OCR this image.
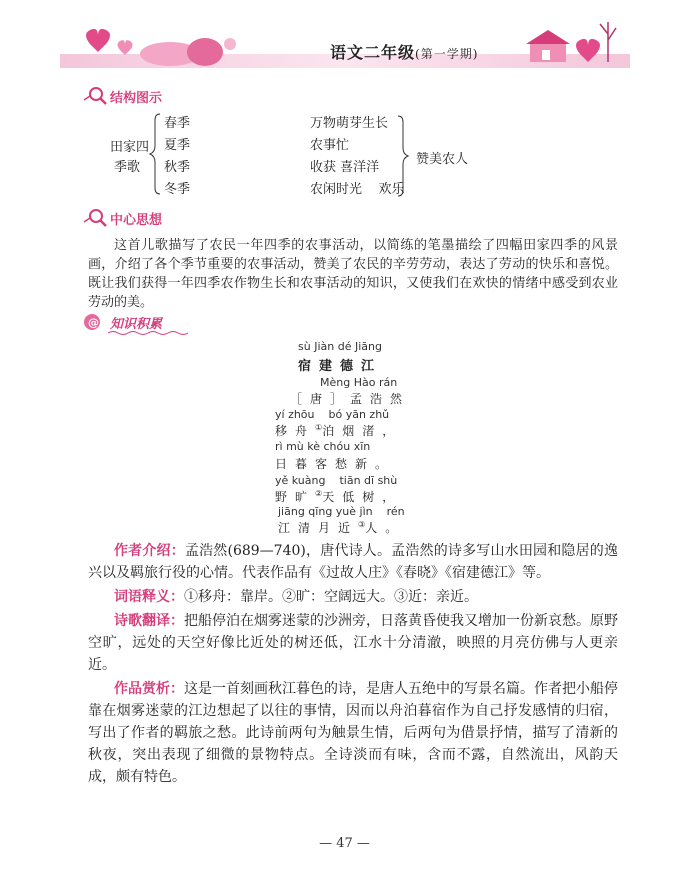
语文二年级(第一学期)
结构图示
田家四
季歌
春季
夏季
秋季
冬季
万物萌芽生长
农事忙
收获 喜洋洋
农闲时光    欢乐
赞美农人
中心思想

这首儿歌描写了农民一年四季的农事活动，以简练的笔墨描绘了四幅田家四季的风景画，介绍了各个季节重要的农事活动，赞美了农民的辛劳劳动，表达了劳动的快乐和喜悦。既让我们获得一年四季农作物生长和农事活动的知识，又使我们在欢快的情绪中感受到农业劳动的美。

@ 知识积累
sù Jiàn dé Jiāng
宿建德江
Mèng Hào rán
［唐］孟浩然
yí zhōu    bó yān zhǔ
移舟①泊烟渚，
rì mù kè chóu xīn
日暮客愁新。
yě kuàng    tiān dī shù
野旷②天低树，
jiāng qīng yuè jìn    rén
江清月近③人。

作者介绍：孟浩然(689—740)，唐代诗人。孟浩然的诗多写山水田园和隐居的逸兴以及羁旅行役的心情。代表作品有《过故人庄》《春晓》《宿建德江》等。

词语释义：①移舟：靠岸。②旷：空阔远大。③近：亲近。

诗歌翻译：把船停泊在烟雾迷蒙的沙洲旁，日落黄昏使我又增加一份新哀愁。原野空旷，远处的天空好像比近处的树还低，江水十分清澈，映照的月亮仿佛与人更亲近。

作品赏析：这是一首刻画秋江暮色的诗，是唐人五绝中的写景名篇。作者把小船停靠在烟雾迷蒙的江边想起了以往的事情，因而以舟泊暮宿作为自己抒发感情的归宿，写出了作者的羁旅之愁。此诗前两句为触景生情，后两句为借景抒情，描写了清新的秋夜，突出表现了细微的景物特点。全诗淡而有味，含而不露，自然流出，风韵天成，颇有特色。

— 47 —
